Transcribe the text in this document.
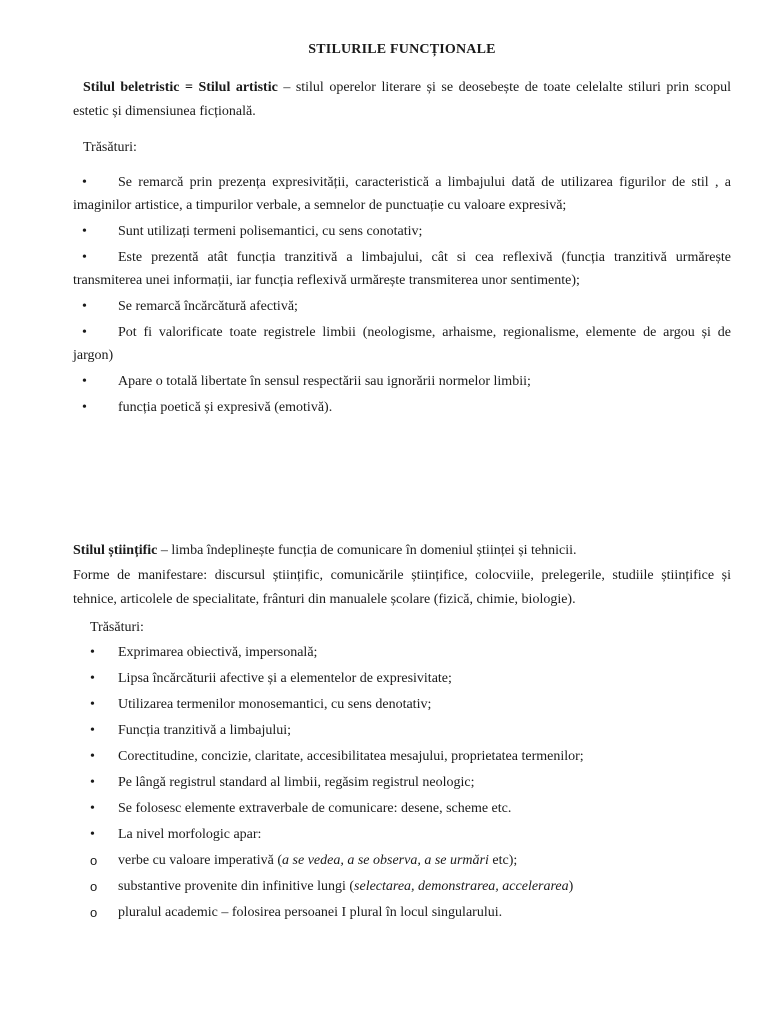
STILURILE FUNCȚIONALE

Stilul beletristic = Stilul artistic – stilul operelor literare și se deosebește de toate celelalte stiluri prin scopul estetic și dimensiunea ficțională.

Trăsături:

• Se remarcă prin prezența expresivității, caracteristică a limbajului dată de utilizarea figurilor de stil , a imaginilor artistice, a timpurilor verbale, a semnelor de punctuație cu valoare expresivă;
• Sunt utilizați termeni polisemantici, cu sens conotativ;
• Este prezentă atât funcția tranzitivă a limbajului, cât si cea reflexivă (funcția tranzitivă urmărește transmiterea unei informații, iar funcția reflexivă urmărește transmiterea unor sentimente);
• Se remarcă încărcătură afectivă;
• Pot fi valorificate toate registrele limbii (neologisme, arhaisme, regionalisme, elemente de argou și de jargon)
• Apare o totală libertate în sensul respectării sau ignorării normelor limbii;
• funcția poetică și expresivă (emotivă).

Stilul științific – limba îndeplinește funcția de comunicare în domeniul științei și tehnicii.

Forme de manifestare: discursul științific, comunicările științifice, colocviile, prelegerile, studiile științifice și tehnice, articolele de specialitate, frânturi din manualele școlare (fizică, chimie, biologie).

Trăsături:

• Exprimarea obiectivă, impersonală;
• Lipsa încărcăturii afective și a elementelor de expresivitate;
• Utilizarea termenilor monosemantici, cu sens denotativ;
• Funcția tranzitivă a limbajului;
• Corectitudine, concizie, claritate, accesibilitatea mesajului, proprietatea termenilor;
• Pe lângă registrul standard al limbii, regăsim registrul neologic;
• Se folosesc elemente extraverbale de comunicare: desene, scheme etc.
• La nivel morfologic apar:
o verbe cu valoare imperativă (a se vedea, a se observa, a se urmări etc);
o substantive provenite din infinitive lungi (selectarea, demonstrarea, accelerarea)
o pluralul academic – folosirea persoanei I plural în locul singularului.
